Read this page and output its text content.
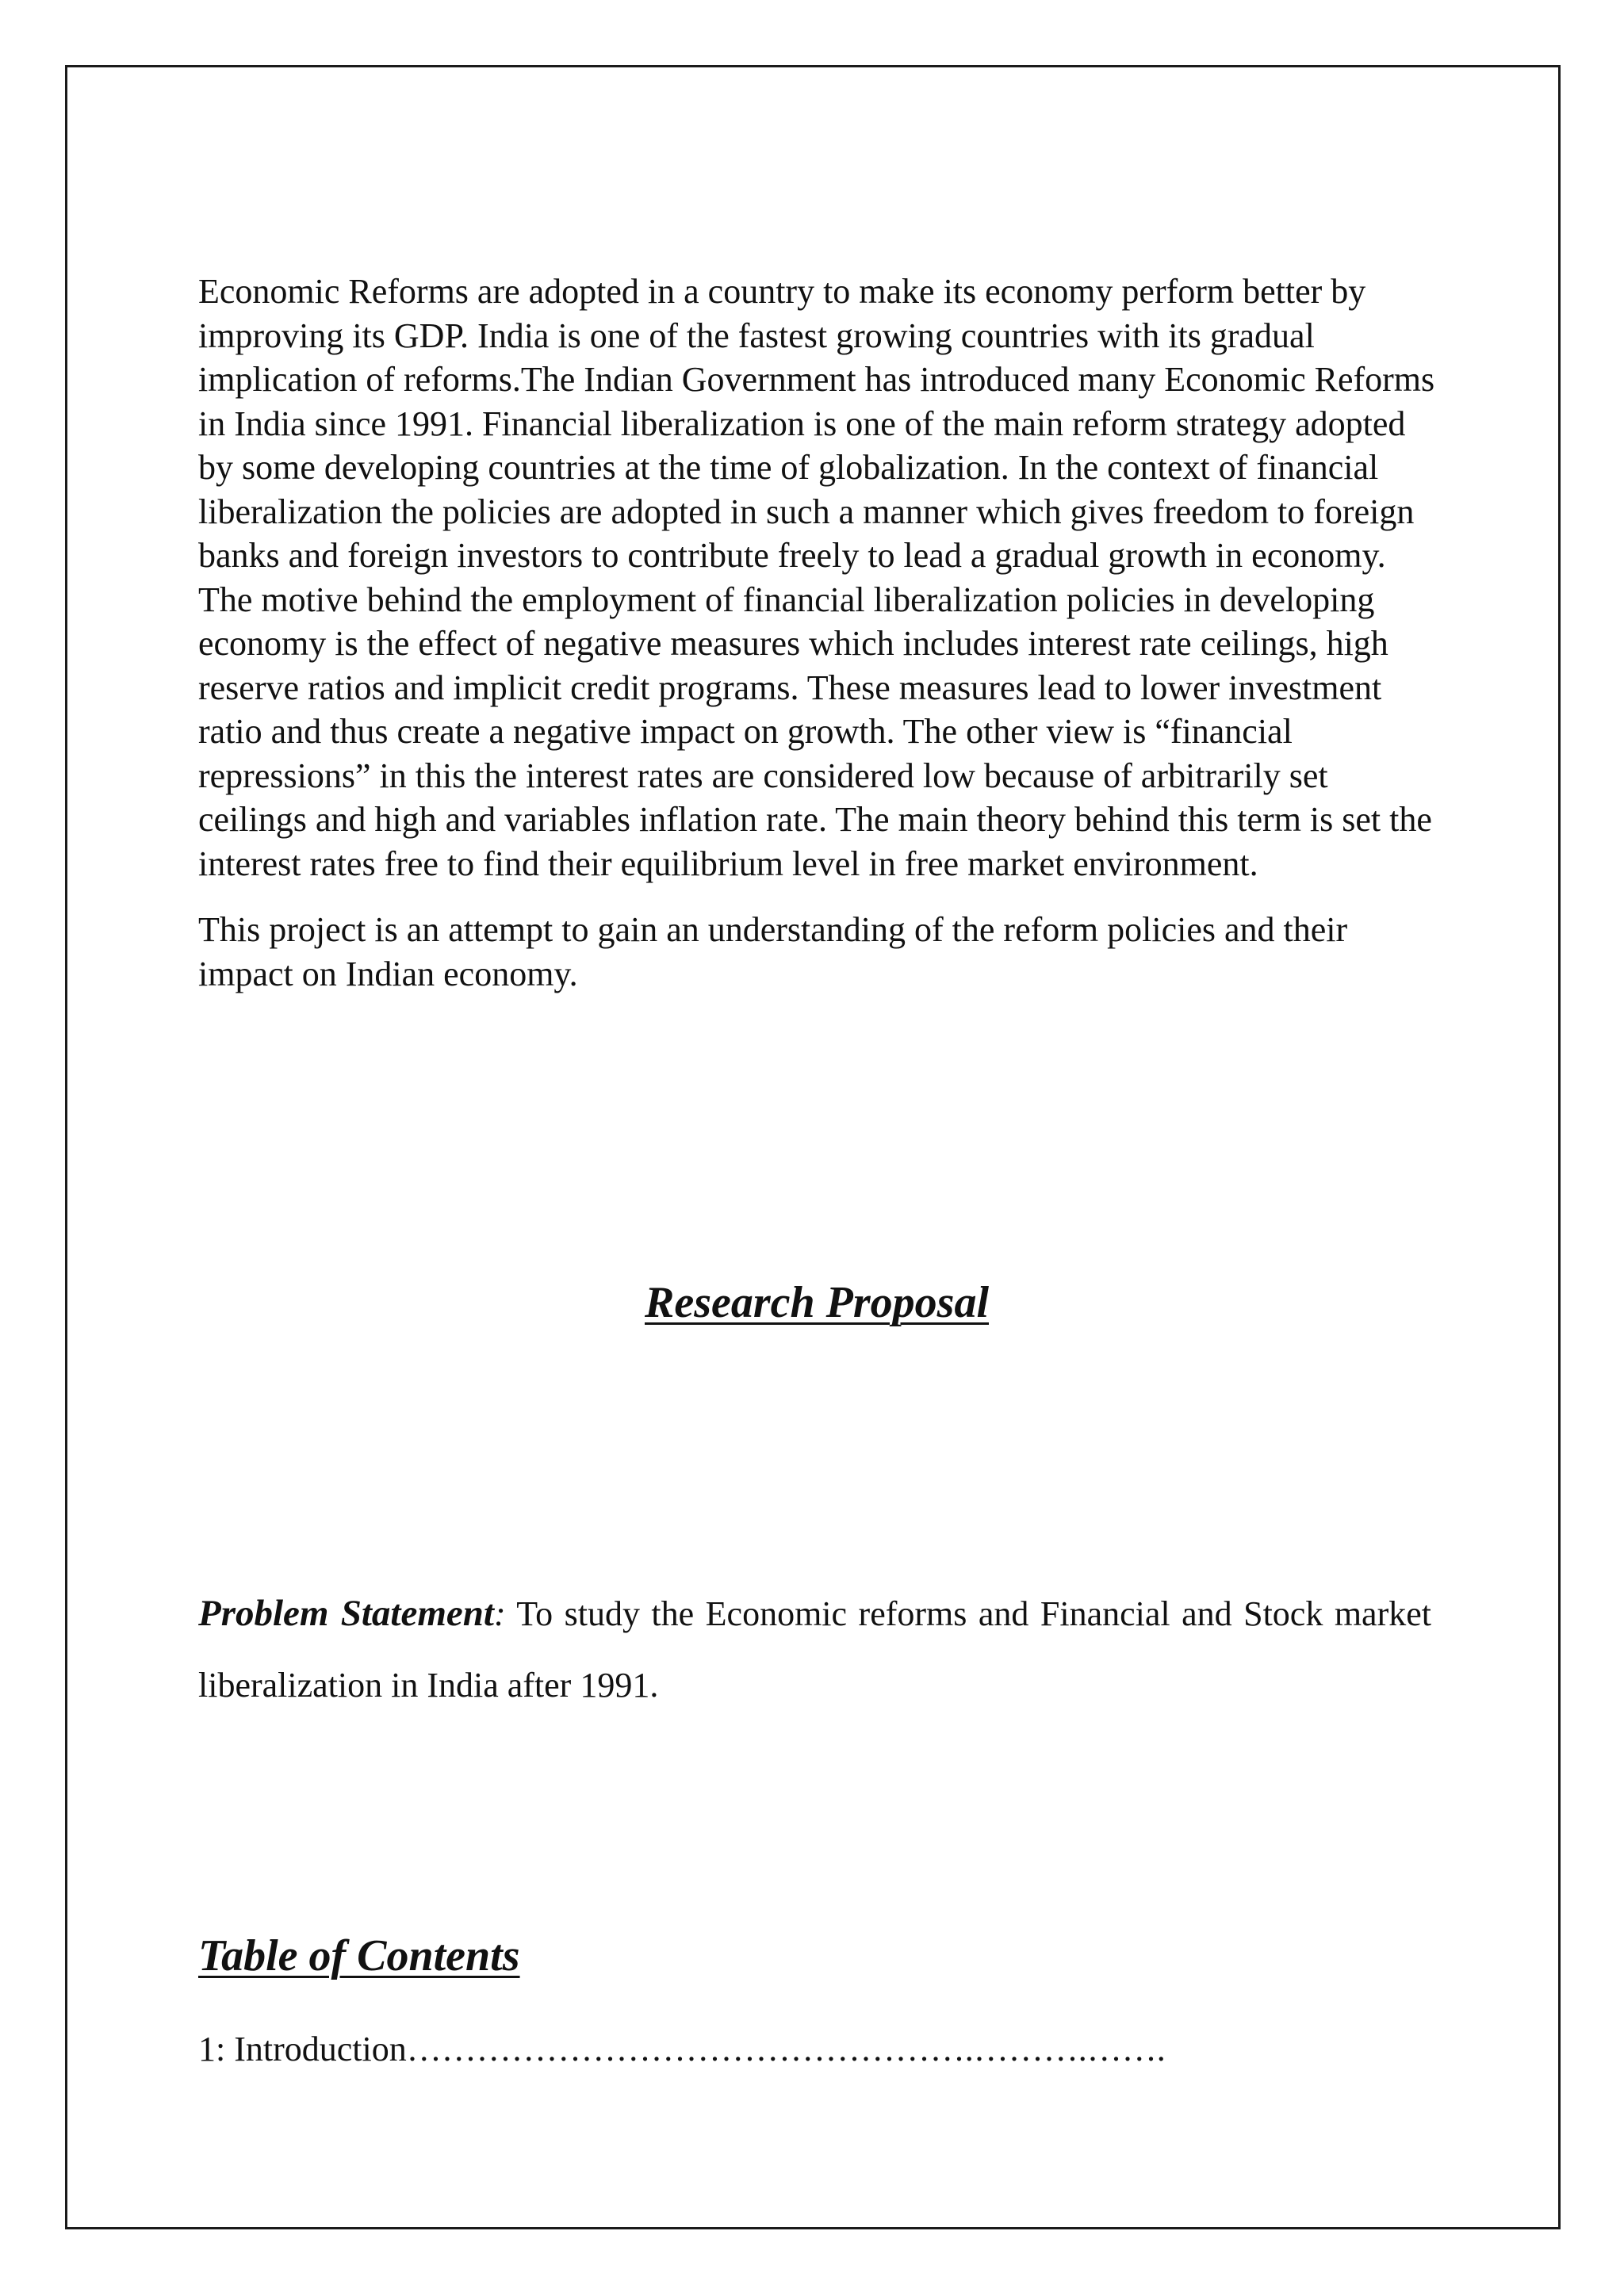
Economic Reforms are adopted in a country to make its economy perform better by improving its GDP. India is one of the fastest growing countries with its gradual implication of reforms.The Indian Government has introduced many Economic Reforms in India since 1991. Financial liberalization is one of the main reform strategy adopted by some developing countries at the time of globalization. In the context of financial liberalization the policies are adopted in such a manner which gives freedom to foreign banks and foreign investors to contribute freely to lead a gradual growth in economy. The motive behind the employment of financial liberalization policies in developing economy is the effect of negative measures which includes interest rate ceilings, high reserve ratios and implicit credit programs. These measures lead to lower investment ratio and thus create a negative impact on growth. The other view is “financial repressions” in this the interest rates are considered low because of arbitrarily set ceilings and high and variables inflation rate. The main theory behind this term is set the interest rates free to find their equilibrium level in free market environment.

This project is an attempt to gain an understanding of the reform policies and their impact on Indian economy.

Research Proposal
Problem Statement: To study the Economic reforms and Financial and Stock market liberalization in India after 1991.
Table of Contents
1: Introduction………………………………………….……….…….
